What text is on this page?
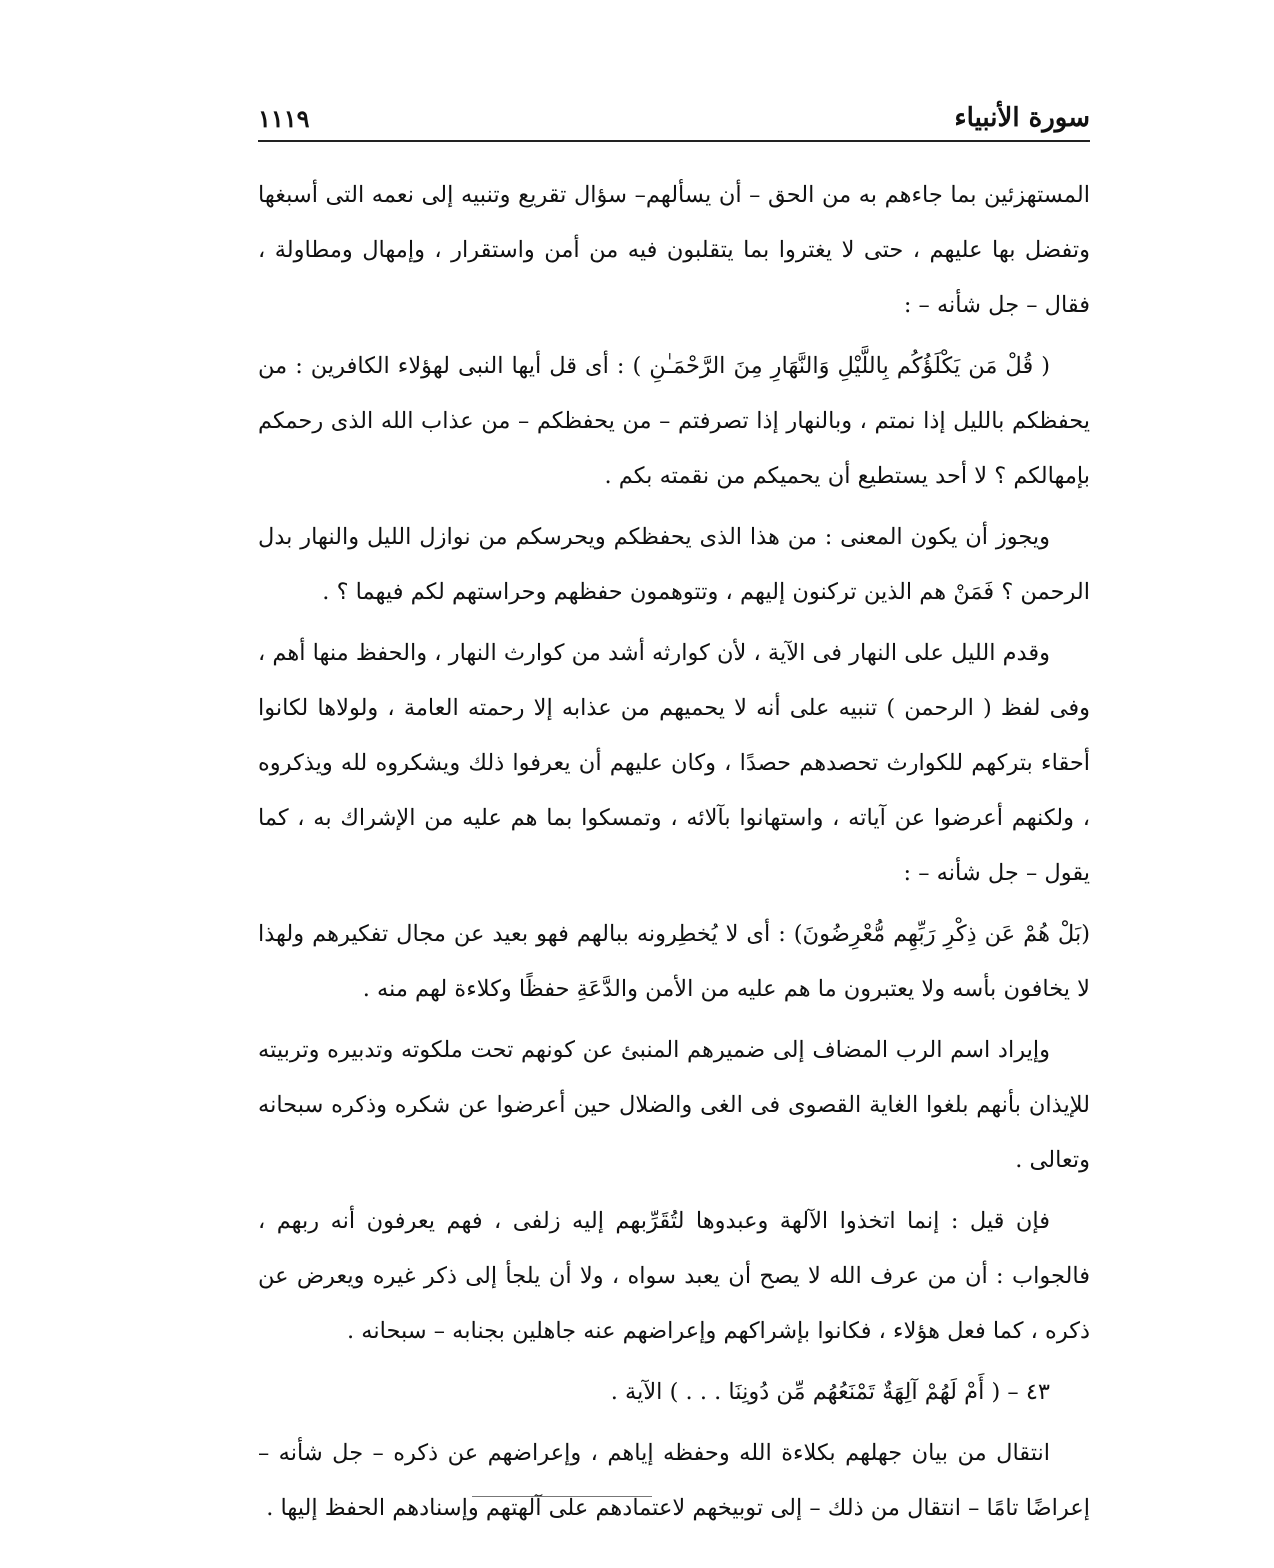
١١١٩	سورة الأنبياء

المستهزئين بما جاءهم به من الحق – أن يسألهم– سؤال تقريع وتنبيه إلى نعمه التى أسبغها وتفضل بها عليهم ، حتى لا يغتروا بما يتقلبون فيه من أمن واستقرار ، وإمهال ومطاولة ، فقال – جل شأنه – :

( قُلْ مَن يَكْلَؤُكُم بِاللَّيْلِ وَالنَّهَارِ مِنَ الرَّحْمَـٰنِ ) : أى قل أيها النبى لهؤلاء الكافرين : من يحفظكم بالليل إذا نمتم ، وبالنهار إذا تصرفتم – من يحفظكم – من عذاب الله الذى رحمكم بإمهالكم ؟ لا أحد يستطيع أن يحميكم من نقمته بكم .

ويجوز أن يكون المعنى : من هذا الذى يحفظكم ويحرسكم من نوازل الليل والنهار بدل الرحمن ؟ فَمَنْ هم الذين تركنون إليهم ، وتتوهمون حفظهم وحراستهم لكم فيهما ؟ .

وقدم الليل على النهار فى الآية ، لأن كوارثه أشد من كوارث النهار ، والحفظ منها أهم ، وفى لفظ ( الرحمن ) تنبيه على أنه لا يحميهم من عذابه إلا رحمته العامة ، ولولاها لكانوا أحقاء بتركهم للكوارث تحصدهم حصدًا ، وكان عليهم أن يعرفوا ذلك ويشكروه لله ويذكروه ، ولكنهم أعرضوا عن آياته ، واستهانوا بآلائه ، وتمسكوا بما هم عليه من الإشراك به ، كما يقول – جل شأنه – :

(بَلْ هُمْ عَن ذِكْرِ رَبِّهِم مُّعْرِضُونَ) : أى لا يُخطِرونه ببالهم فهو بعيد عن مجال تفكيرهم ولهذا لا يخافون بأسه ولا يعتبرون ما هم عليه من الأمن والدَّعَةِ حفظًا وكلاءة لهم منه .

وإيراد اسم الرب المضاف إلى ضميرهم المنبئ عن كونهم تحت ملكوته وتدبيره وتربيته للإيذان بأنهم بلغوا الغاية القصوى فى الغى والضلال حين أعرضوا عن شكره وذكره سبحانه وتعالى .

فإن قيل : إنما اتخذوا الآلهة وعبدوها لتُقَرِّبهم إليه زلفى ، فهم يعرفون أنه ربهم ، فالجواب : أن من عرف الله لا يصح أن يعبد سواه ، ولا أن يلجأ إلى ذكر غيره ويعرض عن ذكره ، كما فعل هؤلاء ، فكانوا بإشراكهم وإعراضهم عنه جاهلين بجنابه – سبحانه .

٤٣ – ( أَمْ لَهُمْ آلِهَةٌ تَمْنَعُهُم مِّن دُونِنَا . . . ) الآية .

انتقال من بيان جهلهم بكلاءة الله وحفظه إياهم ، وإعراضهم عن ذكره – جل شأنه – إعراضًا تامًا – انتقال من ذلك – إلى توبيخهم لاعتمادهم على آلهتهم وإسنادهم الحفظ إليها .
